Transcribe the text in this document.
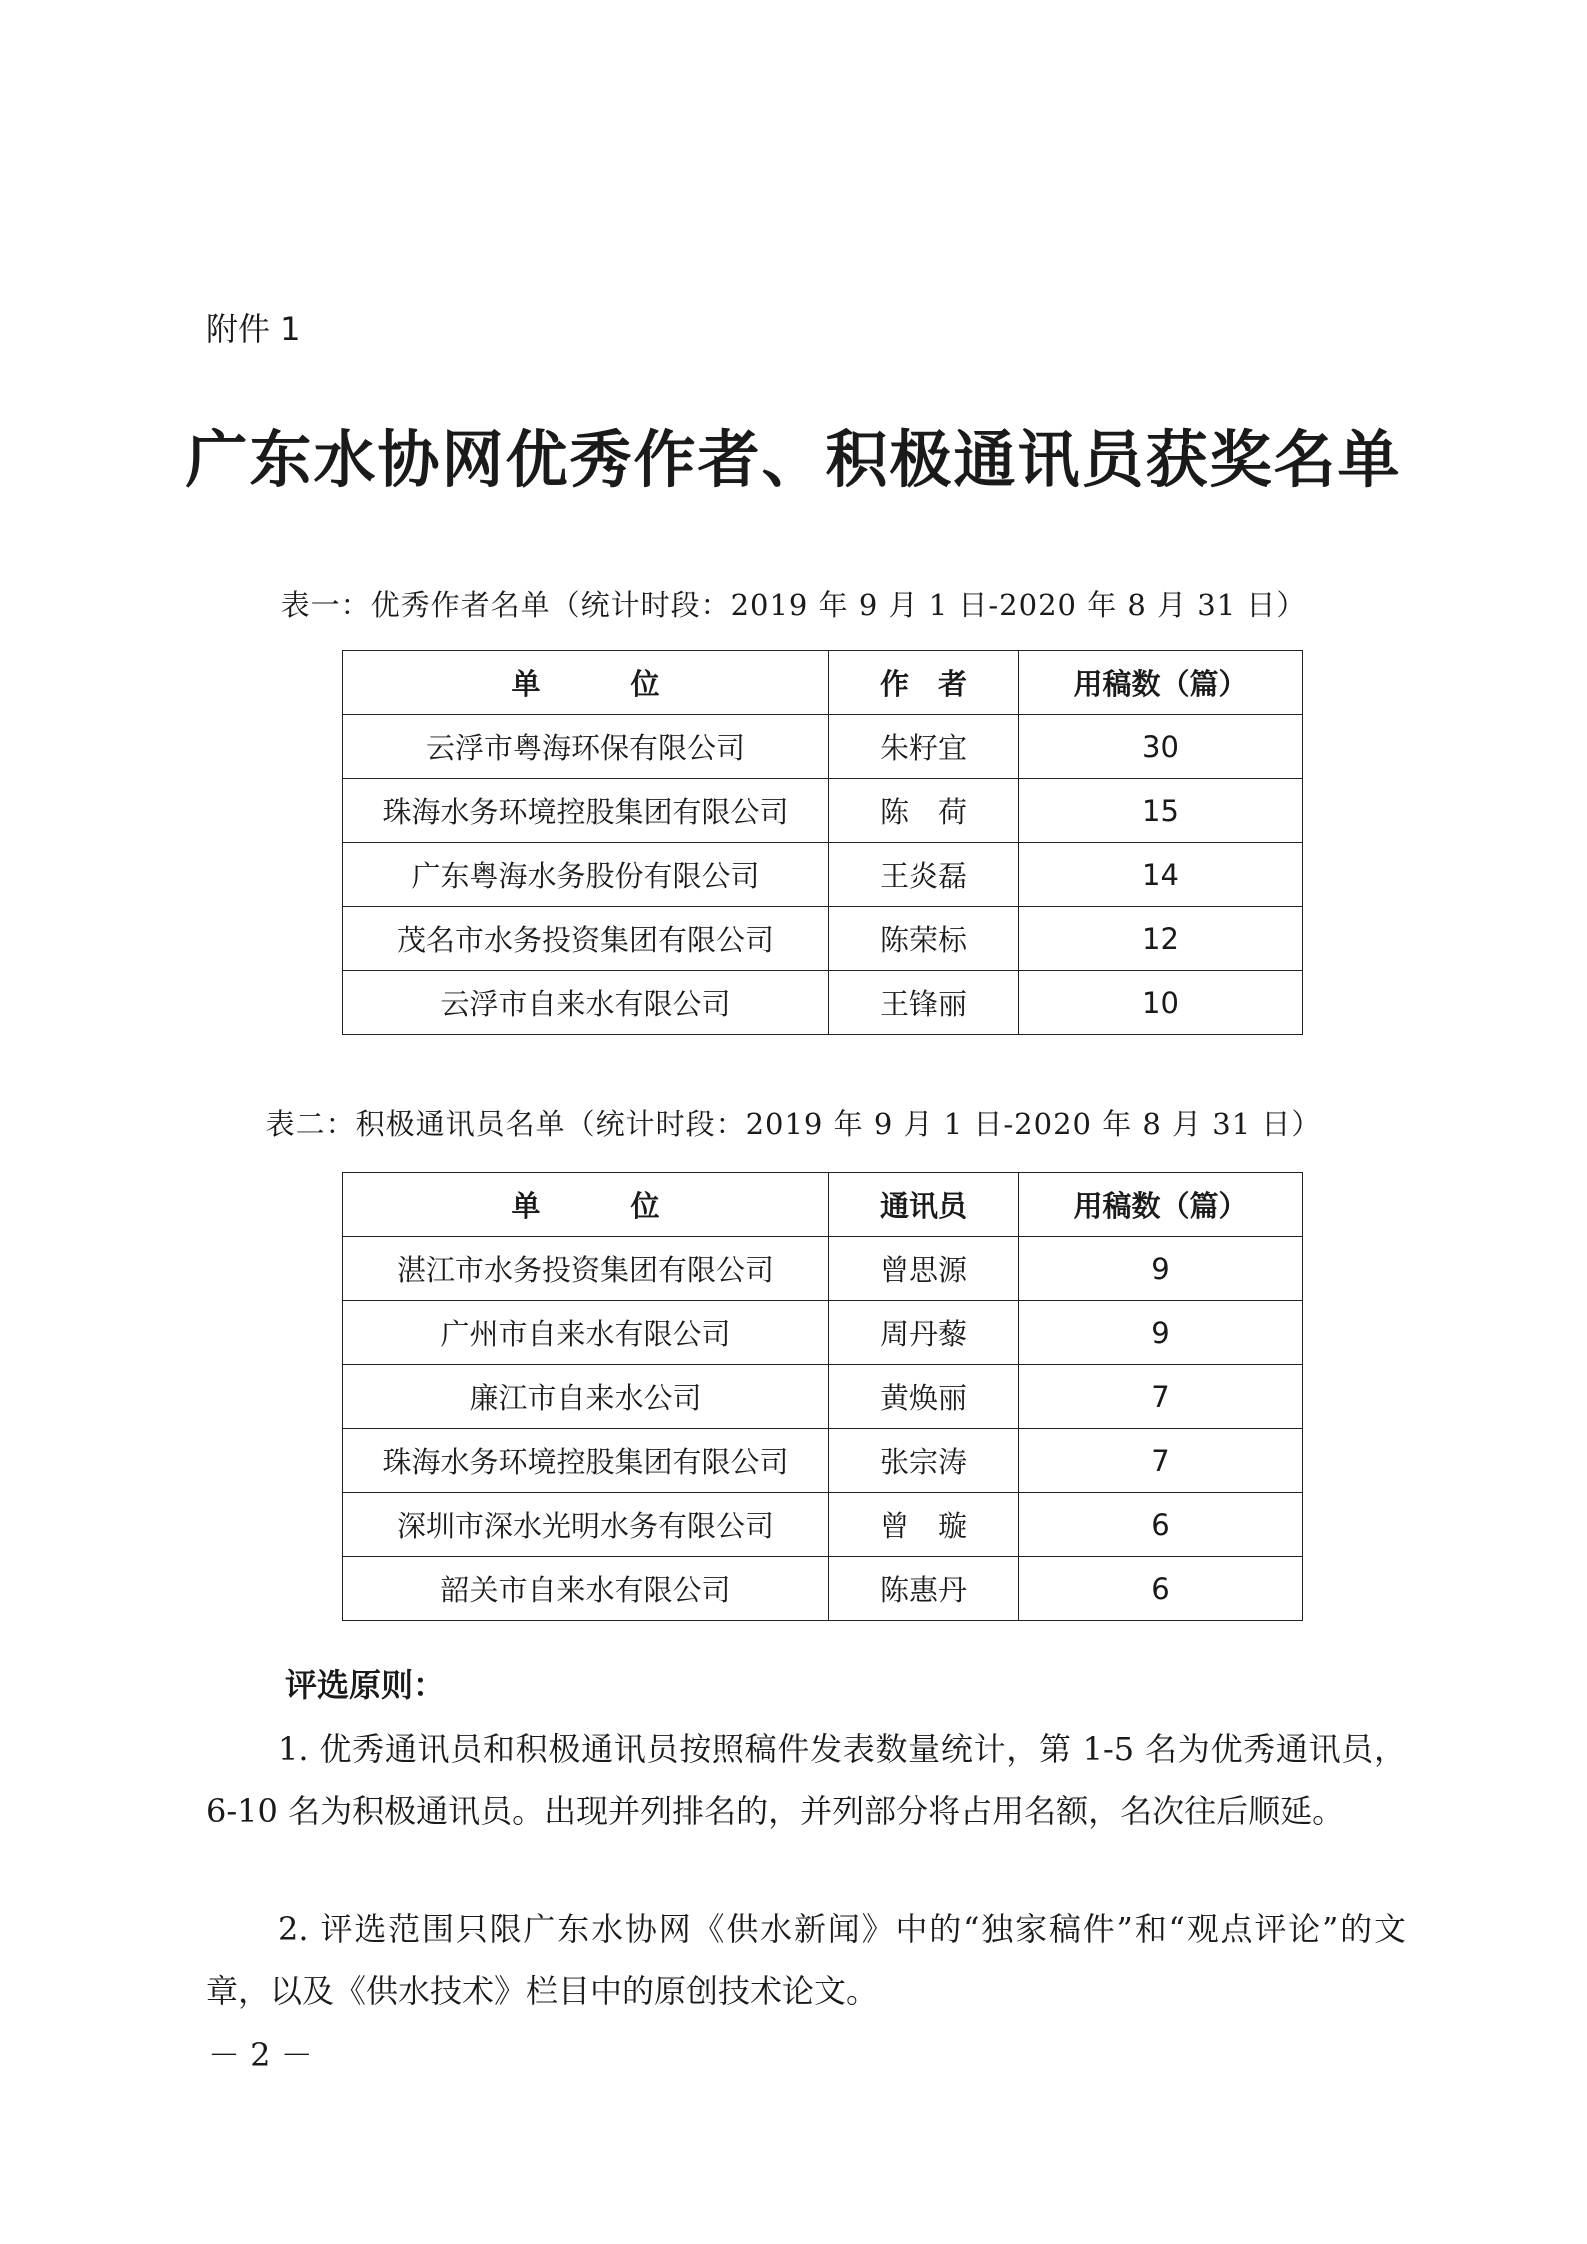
附件 1
广东水协网优秀作者、积极通讯员获奖名单
表一：优秀作者名单（统计时段：2019 年 9 月 1 日-2020 年 8 月 31 日）
单 位	作　者	用稿数（篇）
云浮市粤海环保有限公司	朱籽宜	30
珠海水务环境控股集团有限公司	陈　荷	15
广东粤海水务股份有限公司	王炎磊	14
茂名市水务投资集团有限公司	陈荣标	12
云浮市自来水有限公司	王锋丽	10
表二：积极通讯员名单（统计时段：2019 年 9 月 1 日-2020 年 8 月 31 日）
单 位	通讯员	用稿数（篇）
湛江市水务投资集团有限公司	曾思源	9
广州市自来水有限公司	周丹藜	9
廉江市自来水公司	黄焕丽	7
珠海水务环境控股集团有限公司	张宗涛	7
深圳市深水光明水务有限公司	曾　璇	6
韶关市自来水有限公司	陈惠丹	6
评选原则：
1. 优秀通讯员和积极通讯员按照稿件发表数量统计，第 1-5 名为优秀通讯员，6-10 名为积极通讯员。出现并列排名的，并列部分将占用名额，名次往后顺延。
2. 评选范围只限广东水协网《供水新闻》中的“独家稿件”和“观点评论”的文章，以及《供水技术》栏目中的原创技术论文。
－ 2 －
